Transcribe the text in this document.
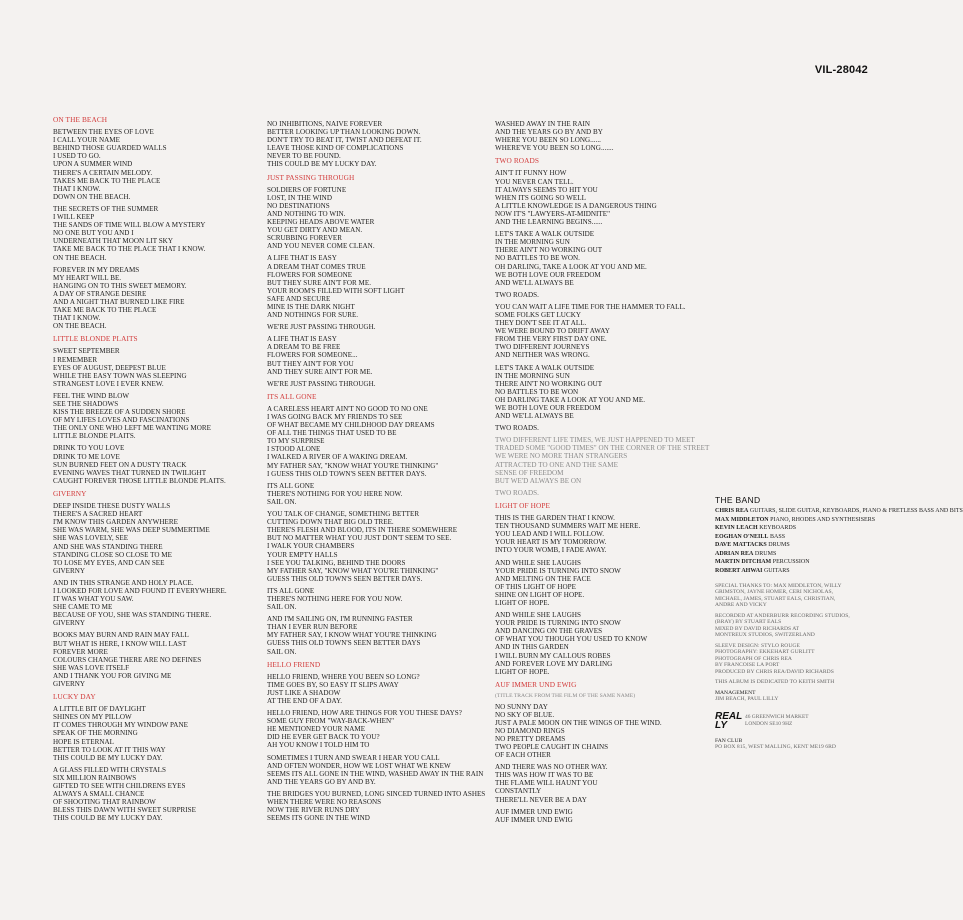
VIL-28042
ON THE BEACH
BETWEEN THE EYES OF LOVE
I CALL YOUR NAME
BEHIND THOSE GUARDED WALLS
I USED TO GO.
UPON A SUMMER WIND
THERE'S A CERTAIN MELODY.
TAKES ME BACK TO THE PLACE
THAT I KNOW.
DOWN ON THE BEACH.
THE SECRETS OF THE SUMMER
I WILL KEEP
THE SANDS OF TIME WILL BLOW A MYSTERY
NO ONE BUT YOU AND I
UNDERNEATH THAT MOON LIT SKY
TAKE ME BACK TO THE PLACE THAT I KNOW.
ON THE BEACH.
FOREVER IN MY DREAMS
MY HEART WILL BE.
HANGING ON TO THIS SWEET MEMORY.
A DAY OF STRANGE DESIRE
AND A NIGHT THAT BURNED LIKE FIRE
TAKE ME BACK TO THE PLACE
THAT I KNOW.
ON THE BEACH.
LITTLE BLONDE PLAITS
SWEET SEPTEMBER
I REMEMBER
EYES OF AUGUST, DEEPEST BLUE
WHILE THE EASY TOWN WAS SLEEPING
STRANGEST LOVE I EVER KNEW.
FEEL THE WIND BLOW
SEE THE SHADOWS
KISS THE BREEZE OF A SUDDEN SHORE
OF MY LIFES LOVES AND FASCINATIONS
THE ONLY ONE WHO LEFT ME WANTING MORE
LITTLE BLONDE PLAITS.
DRINK TO YOU LOVE
DRINK TO ME LOVE
SUN BURNED FEET ON A DUSTY TRACK
EVENING WAVES THAT TURNED IN TWILIGHT
CAUGHT FOREVER THOSE LITTLE BLONDE PLAITS.
GIVERNY
DEEP INSIDE THESE DUSTY WALLS
THERE'S A SACRED HEART
I'M KNOW THIS GARDEN ANYWHERE
SHE WAS WARM, SHE WAS DEEP SUMMERTIME
SHE WAS LOVELY, SEE
AND SHE WAS STANDING THERE
STANDING CLOSE SO CLOSE TO ME
TO LOSE MY EYES, AND CAN SEE
GIVERNY
AND IN THIS STRANGE AND HOLY PLACE.
I LOOKED FOR LOVE AND FOUND IT EVERYWHERE.
IT WAS WHAT YOU SAW.
SHE CAME TO ME
BECAUSE OF YOU, SHE WAS STANDING THERE.
GIVERNY
BOOKS MAY BURN AND RAIN MAY FALL
BUT WHAT IS HERE, I KNOW WILL LAST
FOREVER MORE
COLOURS CHANGE THERE ARE NO DEFINES
SHE WAS LOVE ITSELF
AND I THANK YOU FOR GIVING ME
GIVERNY
LUCKY DAY
A LITTLE BIT OF DAYLIGHT
SHINES ON MY PILLOW
IT COMES THROUGH MY WINDOW PANE
SPEAK OF THE MORNING
HOPE IS ETERNAL
BETTER TO LOOK AT IT THIS WAY
THIS COULD BE MY LUCKY DAY.
A GLASS FILLED WITH CRYSTALS
SIX MILLION RAINBOWS
GIFTED TO SEE WITH CHILDRENS EYES
ALWAYS A SMALL CHANCE
OF SHOOTING THAT RAINBOW
BLESS THIS DAWN WITH SWEET SURPRISE
THIS COULD BE MY LUCKY DAY.
NO INHIBITIONS, NAIVE FOREVER
BETTER LOOKING UP THAN LOOKING DOWN.
DON'T TRY TO BEAT IT, TWIST AND DEFEAT IT.
LEAVE THOSE KIND OF COMPLICATIONS
NEVER TO BE FOUND.
THIS COULD BE MY LUCKY DAY.
JUST PASSING THROUGH
SOLDIERS OF FORTUNE
LOST, IN THE WIND
NO DESTINATIONS
AND NOTHING TO WIN.
KEEPING HEADS ABOVE WATER
YOU GET DIRTY AND MEAN.
SCRUBBING FOREVER
AND YOU NEVER COME CLEAN.
A LIFE THAT IS EASY
A DREAM THAT COMES TRUE
FLOWERS FOR SOMEONE
BUT THEY SURE AIN'T FOR ME.
YOUR ROOM'S FILLED WITH SOFT LIGHT
SAFE AND SECURE
MINE IS THE DARK NIGHT
AND NOTHINGS FOR SURE.
WE'RE JUST PASSING THROUGH.
A LIFE THAT IS EASY
A DREAM TO BE FREE
FLOWERS FOR SOMEONE...
BUT THEY AIN'T FOR YOU
AND THEY SURE AIN'T FOR ME.
WE'RE JUST PASSING THROUGH.
ITS ALL GONE
A CARELESS HEART AIN'T NO GOOD TO NO ONE
I WAS GOING BACK MY FRIENDS TO SEE
OF WHAT BECAME MY CHILDHOOD DAY DREAMS
OF ALL THE THINGS THAT USED TO BE
TO MY SURPRISE
I STOOD ALONE
I WALKED A RIVER OF A WAKING DREAM.
MY FATHER SAY, "KNOW WHAT YOU'RE THINKING"
I GUESS THIS OLD TOWN'S SEEN BETTER DAYS.
ITS ALL GONE
THERE'S NOTHING FOR YOU HERE NOW.
SAIL ON.
YOU TALK OF CHANGE, SOMETHING BETTER
CUTTING DOWN THAT BIG OLD TREE.
THERE'S FLESH AND BLOOD, ITS IN THERE SOMEWHERE
BUT NO MATTER WHAT YOU JUST DON'T SEEM TO SEE.
I WALK YOUR CHAMBERS
YOUR EMPTY HALLS
I SEE YOU TALKING, BEHIND THE DOORS
MY FATHER SAY, "KNOW WHAT YOU'RE THINKING"
GUESS THIS OLD TOWN'S SEEN BETTER DAYS.
ITS ALL GONE
THERE'S NOTHING HERE FOR YOU NOW.
SAIL ON.
AND I'M SAILING ON, I'M RUNNING FASTER
THAN I EVER RUN BEFORE
MY FATHER SAY, I KNOW WHAT YOU'RE THINKING
GUESS THIS OLD TOWN'S SEEN BETTER DAYS
SAIL ON.
HELLO FRIEND
HELLO FRIEND, WHERE YOU BEEN SO LONG?
TIME GOES BY, SO EASY IT SLIPS AWAY
JUST LIKE A SHADOW
AT THE END OF A DAY.
HELLO FRIEND, HOW ARE THINGS FOR YOU THESE DAYS?
SOME GUY FROM "WAY-BACK-WHEN"
HE MENTIONED YOUR NAME
DID HE EVER GET BACK TO YOU?
AH YOU KNOW I TOLD HIM TO
SOMETIMES I TURN AND SWEAR I HEAR YOU CALL
AND OFTEN WONDER, HOW WE LOST WHAT WE KNEW
SEEMS ITS ALL GONE IN THE WIND, WASHED AWAY IN THE RAIN
AND THE YEARS GO BY AND BY.
THE BRIDGES YOU BURNED, LONG SINCED TURNED INTO ASHES
WHEN THERE WERE NO REASONS
NOW THE RIVER RUNS DRY
SEEMS ITS GONE IN THE WIND
WASHED AWAY IN THE RAIN
AND THE YEARS GO BY AND BY
WHERE YOU BEEN SO LONG......
WHERE'VE YOU BEEN SO LONG.......
TWO ROADS
AIN'T IT FUNNY HOW
YOU NEVER CAN TELL.
IT ALWAYS SEEMS TO HIT YOU
WHEN ITS GOING SO WELL
A LITTLE KNOWLEDGE IS A DANGEROUS THING
NOW IT'S "LAWYERS-AT-MIDNITE"
AND THE LEARNING BEGINS......
LET'S TAKE A WALK OUTSIDE
IN THE MORNING SUN
THERE AIN'T NO WORKING OUT
NO BATTLES TO BE WON.
OH DARLING, TAKE A LOOK AT YOU AND ME.
WE BOTH LOVE OUR FREEDOM
AND WE'LL ALWAYS BE
TWO ROADS.
YOU CAN WAIT A LIFE TIME FOR THE HAMMER TO FALL.
SOME FOLKS GET LUCKY
THEY DON'T SEE IT AT ALL.
WE WERE BOUND TO DRIFT AWAY
FROM THE VERY FIRST DAY ONE.
TWO DIFFERENT JOURNEYS
AND NEITHER WAS WRONG.
LET'S TAKE A WALK OUTSIDE
IN THE MORNING SUN
THERE AIN'T NO WORKING OUT
NO BATTLES TO BE WON
OH DARLING TAKE A LOOK AT YOU AND ME.
WE BOTH LOVE OUR FREEDOM
AND WE'LL ALWAYS BE
TWO ROADS.
TWO DIFFERENT LIFE TIMES, WE JUST HAPPENED TO MEET
TRADED SOME "GOOD TIMES" ON THE CORNER OF THE STREET
WE WERE NO MORE THAN STRANGERS
ATTRACTED TO ONE AND THE SAME
SENSE OF FREEDOM
BUT WE'D ALWAYS BE ON
TWO ROADS.
LIGHT OF HOPE
THIS IS THE GARDEN THAT I KNOW.
TEN THOUSAND SUMMERS WAIT ME HERE.
YOU LEAD AND I WILL FOLLOW.
YOUR HEART IS MY TOMORROW.
INTO YOUR WOMB, I FADE AWAY.
AND WHILE SHE LAUGHS
YOUR PRIDE IS TURNING INTO SNOW
AND MELTING ON THE FACE
OF THIS LIGHT OF HOPE
SHINE ON LIGHT OF HOPE.
LIGHT OF HOPE.
AND WHILE SHE LAUGHS
YOUR PRIDE IS TURNING INTO SNOW
AND DANCING ON THE GRAVES
OF WHAT YOU THOUGH YOU USED TO KNOW
AND IN THIS GARDEN
I WILL BURN MY CALLOUS ROBES
AND FOREVER LOVE MY DARLING
LIGHT OF HOPE.
AUF IMMER UND EWIG
(TITLE TRACK FROM THE FILM OF THE SAME NAME)
NO SUNNY DAY
NO SKY OF BLUE.
JUST A PALE MOON ON THE WINGS OF THE WIND.
NO DIAMOND RINGS
NO PRETTY DREAMS
TWO PEOPLE CAUGHT IN CHAINS
OF EACH OTHER
AND THERE WAS NO OTHER WAY.
THIS WAS HOW IT WAS TO BE
THE FLAME WILL HAUNT YOU
CONSTANTLY
THERE'LL NEVER BE A DAY
AUF IMMER UND EWIG
AUF IMMER UND EWIG
THE BAND
CHRIS REA GUITARS, SLIDE GUITAR, KEYBOARDS, PIANO & FRETLESS BASS AND BITS
MAX MIDDLETON PIANO, RHODES AND SYNTHESISERS
KEVIN LEACH KEYBOARDS
EOGHAN O'NEILL BASS
DAVE MATTACKS DRUMS
ADRIAN REA DRUMS
MARTIN DITCHAM PERCUSSION
ROBERT AHWAI GUITARS
SPECIAL THANKS TO: MAX MIDDLETON, WILLY
GRIMSTON, JAYNE HOMER, CERI NICHOLAS,
MICHAEL, JAMES, STUART EALS, CHRISTIAN,
ANDRE AND VICKY
RECORDED AT ANDERBURR RECORDING STUDIOS,
(BRAY) BY STUART EALS
MIXED BY DAVID RICHARDS AT
MONTREUX STUDIOS, SWITZERLAND
SLEEVE DESIGN: STYLO ROUGE
PHOTOGRAPHY: EKKEHART GURLITT
PHOTOGRAPH OF CHRIS REA
BY FRANCOISE LA PORT
PRODUCED BY CHRIS REA/DAVID RICHARDS
THIS ALBUM IS DEDICATED TO KEITH SMITH
MANAGEMENT
JIM BEACH, PAUL LILLY
REAL
LY
46 GREENWICH MARKET
LONDON SE10 9HZ
FAN CLUB
PO BOX 815, WEST MALLING, KENT ME19 6RD
